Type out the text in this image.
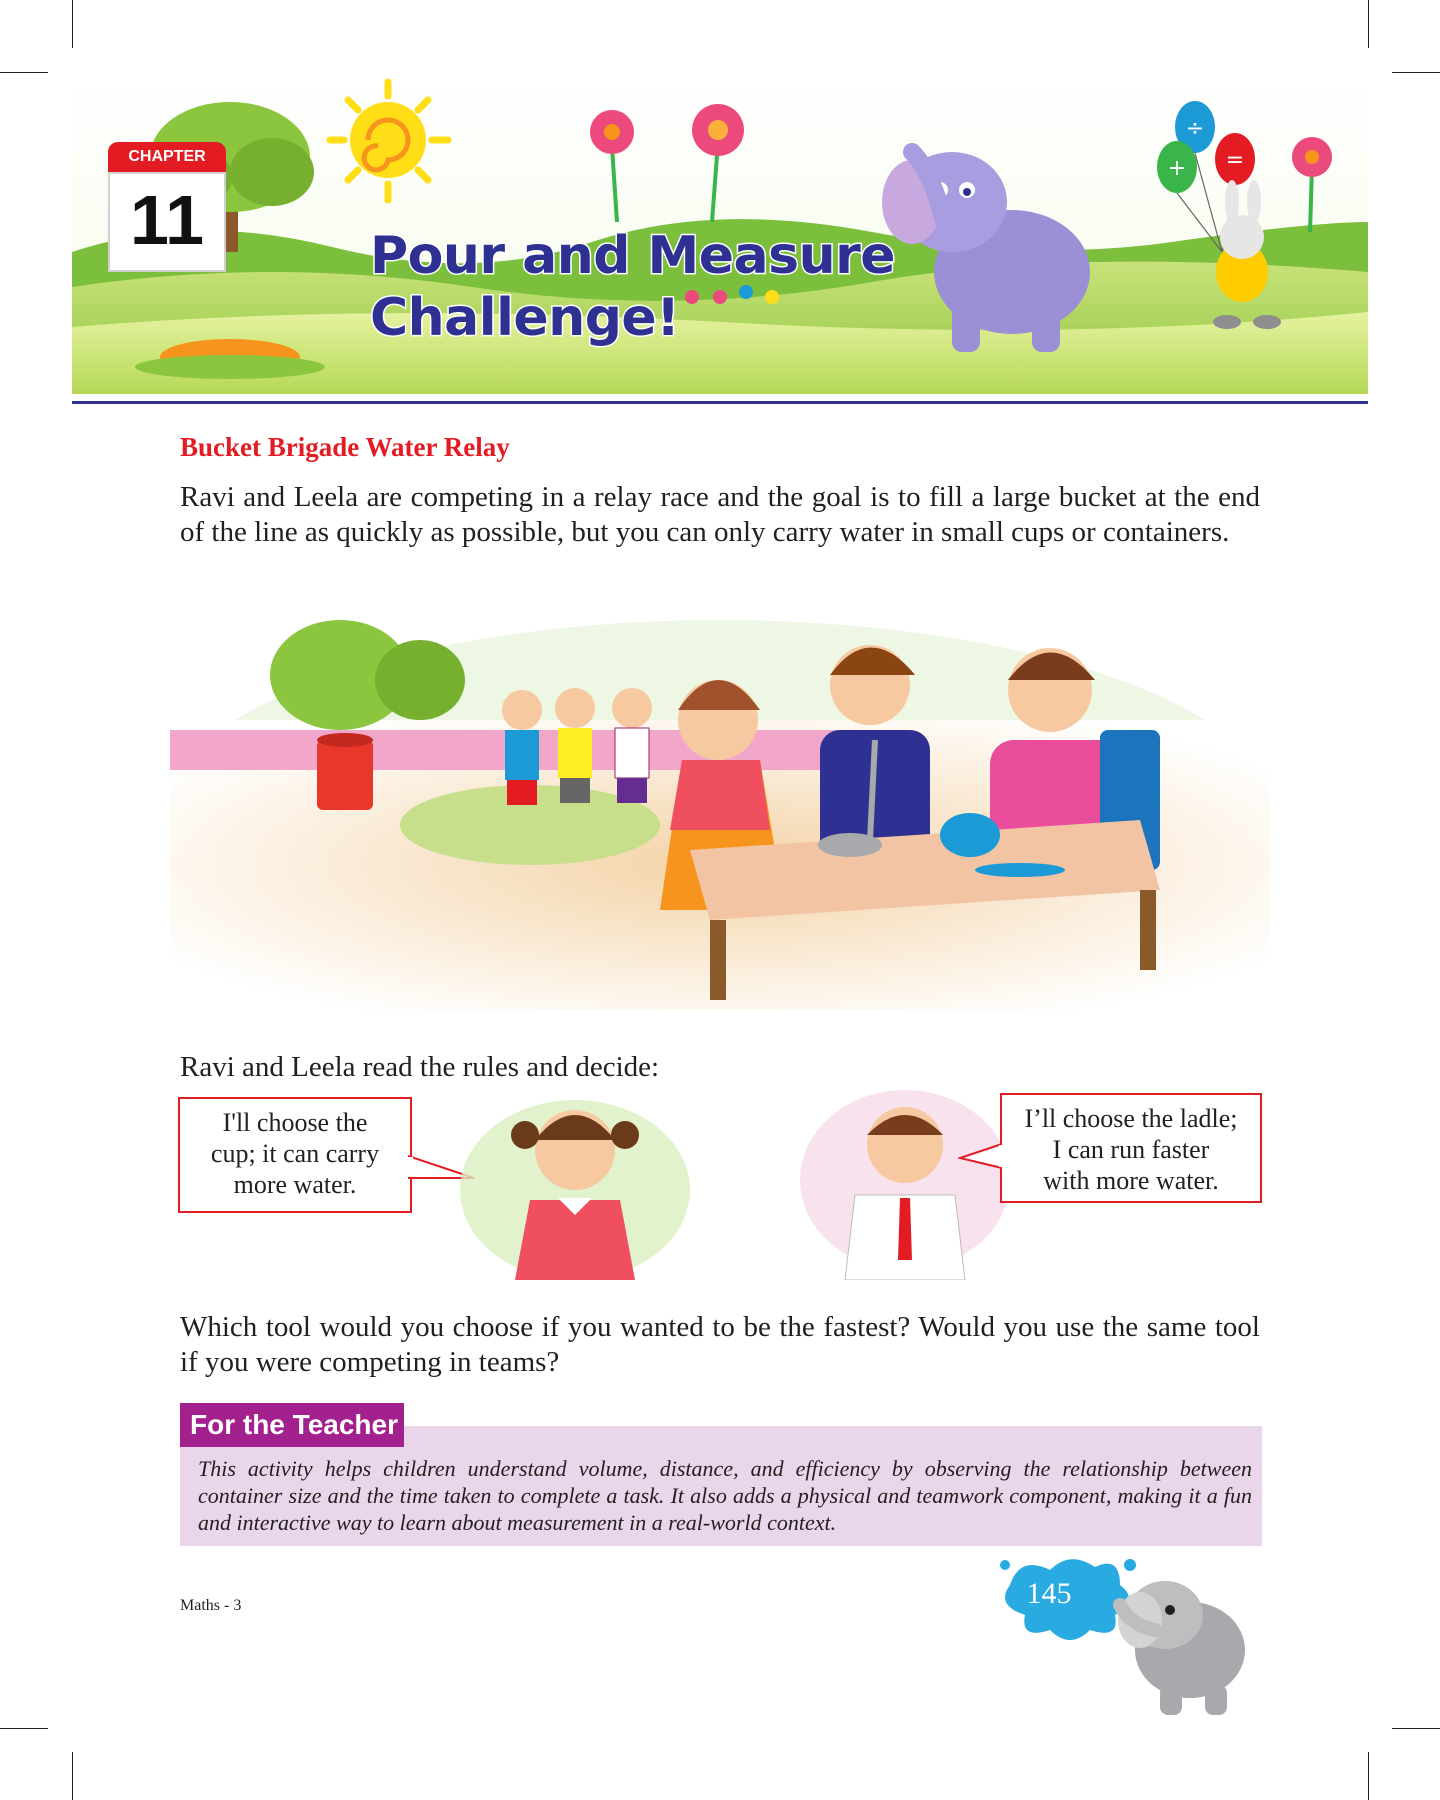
÷
=
+
CHAPTER
11	Pour and Measure
Challenge!
Bucket Brigade Water Relay
Ravi and Leela are competing in a relay race and the goal is to fill a large bucket at the end of the line as quickly as possible, but you can only carry water in small cups or containers.
Ravi and Leela read the rules and decide:
I'll choose the
cup; it can carry
more water.
I’ll choose the ladle;
I can run faster
with more water.
Which tool would you choose if you wanted to be the fastest? Would you use the same tool if you were competing in teams?
For the Teacher
This activity helps children understand volume, distance, and efficiency by observing the relationship between container size and the time taken to complete a task. It also adds a physical and teamwork component, making it a fun and interactive way to learn about measurement in a real-world context.
Maths - 3	145
